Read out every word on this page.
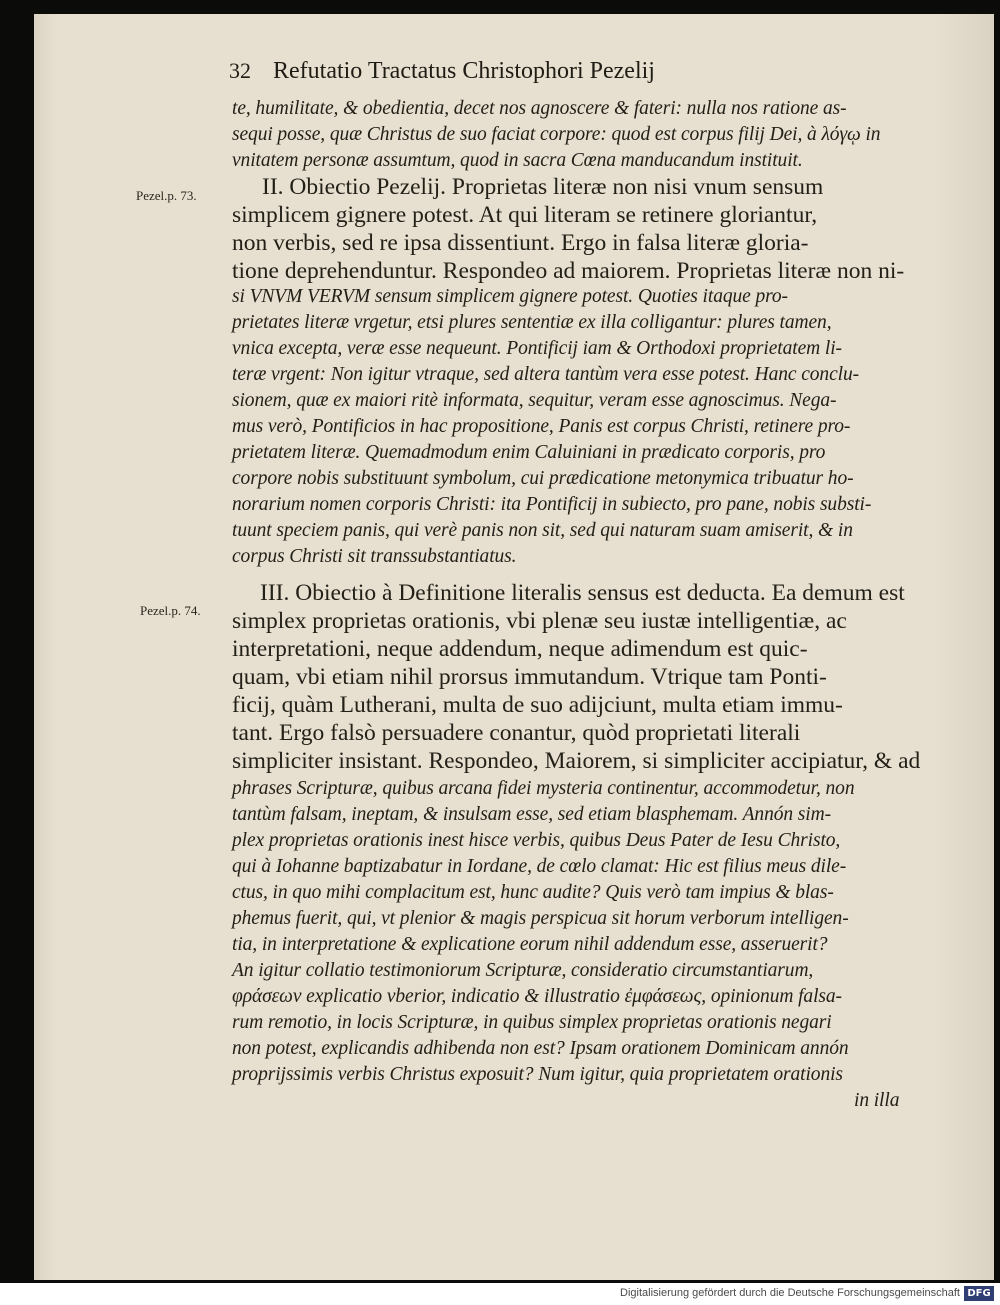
32 Refutatio Tractatus Christophori Pezelij
Pezel.p. 73.
Pezel.p. 74.
te, humilitate, & obedientia, decet nos agnoscere & fateri: nulla nos ratione as-
sequi posse, quæ Christus de suo faciat corpore: quod est corpus filij Dei, à λόγῳ in
vnitatem personæ assumtum, quod in sacra Cœna manducandum instituit.
II. Obiectio Pezelij. Proprietas literæ non nisi vnum sensum
simplicem gignere potest. At qui literam se retinere gloriantur,
non verbis, sed re ipsa dissentiunt. Ergo in falsa literæ gloria-
tione deprehenduntur. Respondeo ad maiorem. Proprietas literæ non ni-
si VNVM VERVM sensum simplicem gignere potest. Quoties itaque pro-
prietates literæ vrgetur, etsi plures sententiæ ex illa colligantur: plures tamen,
vnica excepta, veræ esse nequeunt. Pontificij iam & Orthodoxi proprietatem li-
teræ vrgent: Non igitur vtraque, sed altera tantùm vera esse potest. Hanc conclu-
sionem, quæ ex maiori ritè informata, sequitur, veram esse agnoscimus. Nega-
mus verò, Pontificios in hac propositione, Panis est corpus Christi, retinere pro-
prietatem literæ. Quemadmodum enim Caluiniani in prædicato corporis, pro
corpore nobis substituunt symbolum, cui prædicatione metonymica tribuatur ho-
norarium nomen corporis Christi: ita Pontificij in subiecto, pro pane, nobis substi-
tuunt speciem panis, qui verè panis non sit, sed qui naturam suam amiserit, & in
corpus Christi sit transsubstantiatus.
III. Obiectio à Definitione literalis sensus est deducta. Ea demum est
simplex proprietas orationis, vbi plenæ seu iustæ intelligentiæ, ac
interpretationi, neque addendum, neque adimendum est quic-
quam, vbi etiam nihil prorsus immutandum. Vtrique tam Ponti-
ficij, quàm Lutherani, multa de suo adijciunt, multa etiam immu-
tant. Ergo falsò persuadere conantur, quòd proprietati literali
simpliciter insistant. Respondeo, Maiorem, si simpliciter accipiatur, & ad
phrases Scripturæ, quibus arcana fidei mysteria continentur, accommodetur, non
tantùm falsam, ineptam, & insulsam esse, sed etiam blasphemam. Annón sim-
plex proprietas orationis inest hisce verbis, quibus Deus Pater de Iesu Christo,
qui à Iohanne baptizabatur in Iordane, de cœlo clamat: Hic est filius meus dile-
ctus, in quo mihi complacitum est, hunc audite? Quis verò tam impius & blas-
phemus fuerit, qui, vt plenior & magis perspicua sit horum verborum intelligen-
tia, in interpretatione & explicatione eorum nihil addendum esse, asseruerit?
An igitur collatio testimoniorum Scripturæ, consideratio circumstantiarum,
φράσεων explicatio vberior, indicatio & illustratio ἐμφάσεως, opinionum falsa-
rum remotio, in locis Scripturæ, in quibus simplex proprietas orationis negari
non potest, explicandis adhibenda non est? Ipsam orationem Dominicam annón
proprijssimis verbis Christus exposuit? Num igitur, quia proprietatem orationis
in illa
Digitalisierung gefördert durch die Deutsche Forschungsgemeinschaft DFG
